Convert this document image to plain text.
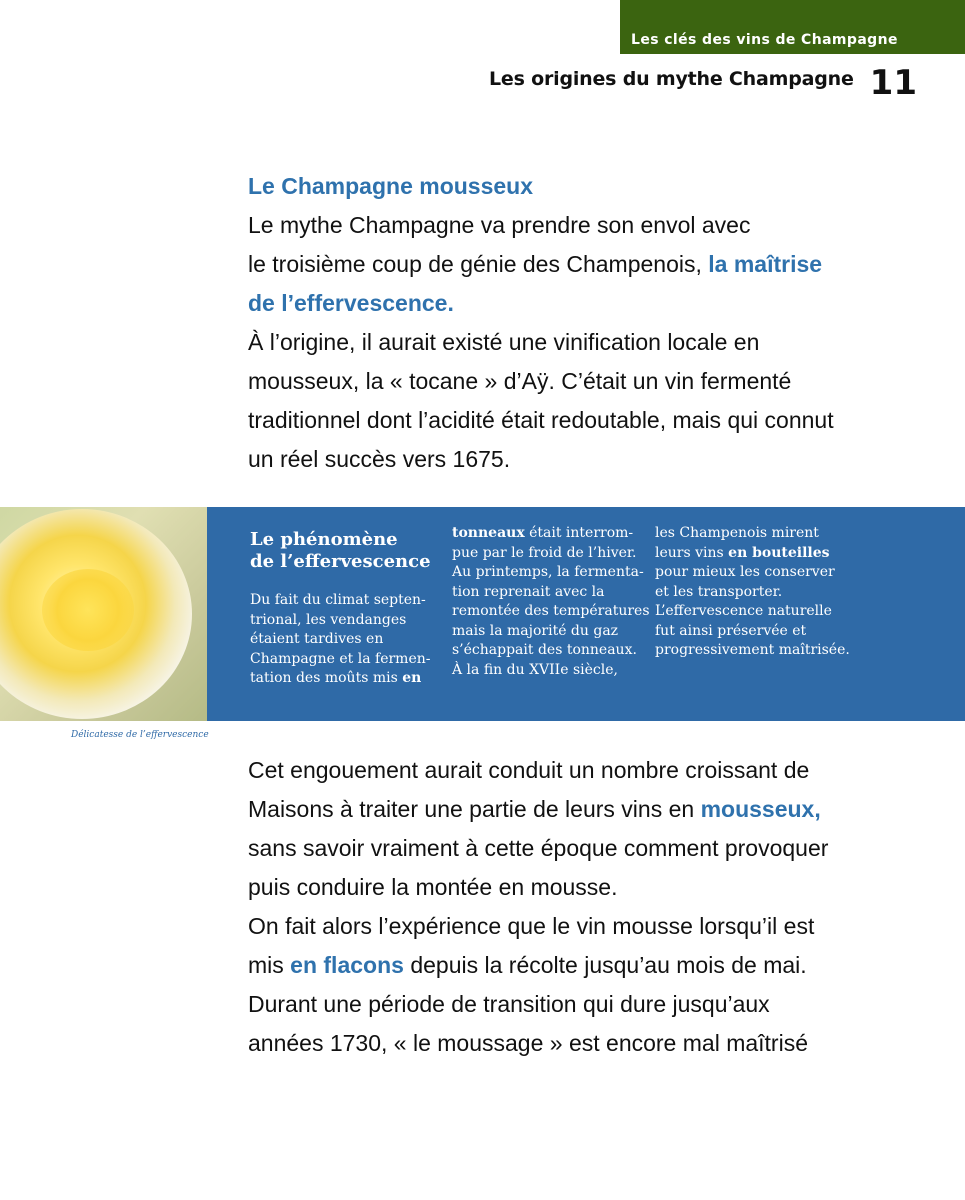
Les clés des vins de Champagne
Les origines du mythe Champagne 11
Le Champagne mousseux
Le mythe Champagne va prendre son envol avec
le troisième coup de génie des Champenois, la maîtrise
de l’effervescence.
À l’origine, il aurait existé une vinification locale en
mousseux, la « tocane » d’Aÿ. C’était un vin fermenté
traditionnel dont l’acidité était redoutable, mais qui connut
un réel succès vers 1675.
Le phénomène
de l’effervescence
Du fait du climat septen-
trional, les vendanges
étaient tardives en
Champagne et la fermen-
tation des moûts mis en
tonneaux était interrom-
pue par le froid de l’hiver.
Au printemps, la fermenta-
tion reprenait avec la
remontée des températures
mais la majorité du gaz
s’échappait des tonneaux.
À la fin du XVIIe siècle,
les Champenois mirent
leurs vins en bouteilles
pour mieux les conserver
et les transporter.
L’effervescence naturelle
fut ainsi préservée et
progressivement maîtrisée.
Délicatesse de l’effervescence
Cet engouement aurait conduit un nombre croissant de
Maisons à traiter une partie de leurs vins en mousseux,
sans savoir vraiment à cette époque comment provoquer
puis conduire la montée en mousse.
On fait alors l’expérience que le vin mousse lorsqu’il est
mis en flacons depuis la récolte jusqu’au mois de mai.
Durant une période de transition qui dure jusqu’aux
années 1730, « le moussage » est encore mal maîtrisé
